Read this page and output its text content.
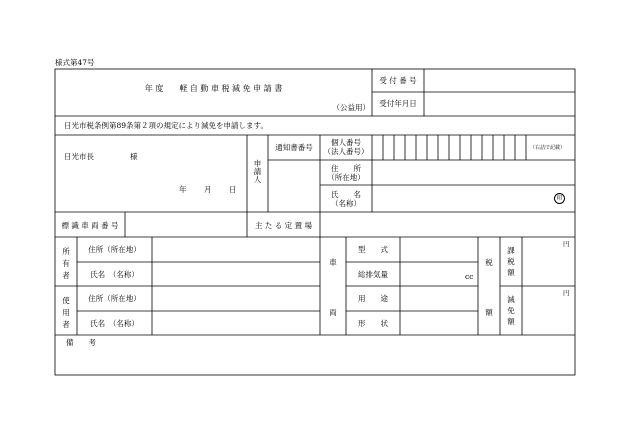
様式第47号
年 度　　軽 自 動 車 税 減 免 申 請 書
（公益用）
受 付 番 号
受付年月日
日光市税条例第89条第２項の規定により減免を申請します。
日光市長	様
年 月 日
申
請
人
通知書番号
個人番号
（法人番号）	（右詰で記載）
住　　所
（所在地）
氏　　名
（名称）
印
標 識 車 両 番 号	主 た る 定 置 場
所
有
者
住所（所在地）
氏名　（名称）
使
用
者
住所（所在地）
氏名　（名称）
車
両
型　　式
総排気量	cc
用　　途
形　　状
税
額
課
税
額
減
免
額
円
円
備　　考
